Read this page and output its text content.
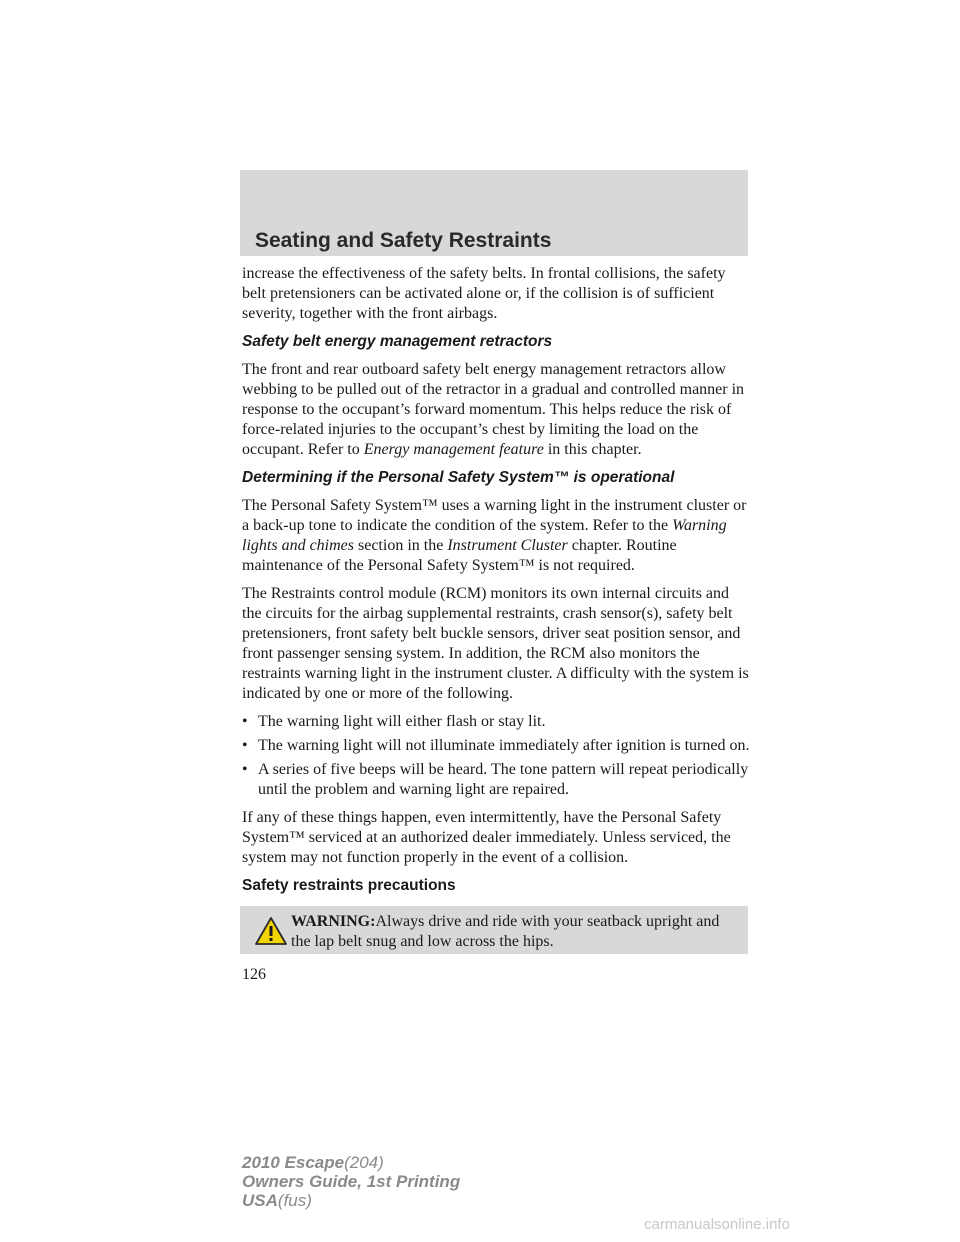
Seating and Safety Restraints

increase the effectiveness of the safety belts. In frontal collisions, the safety belt pretensioners can be activated alone or, if the collision is of sufficient severity, together with the front airbags.

Safety belt energy management retractors

The front and rear outboard safety belt energy management retractors allow webbing to be pulled out of the retractor in a gradual and controlled manner in response to the occupant’s forward momentum. This helps reduce the risk of force-related injuries to the occupant’s chest by limiting the load on the occupant. Refer to Energy management feature in this chapter.

Determining if the Personal Safety System™ is operational

The Personal Safety System™ uses a warning light in the instrument cluster or a back-up tone to indicate the condition of the system. Refer to the Warning lights and chimes section in the Instrument Cluster chapter. Routine maintenance of the Personal Safety System™ is not required.

The Restraints control module (RCM) monitors its own internal circuits and the circuits for the airbag supplemental restraints, crash sensor(s), safety belt pretensioners, front safety belt buckle sensors, driver seat position sensor, and front passenger sensing system. In addition, the RCM also monitors the restraints warning light in the instrument cluster. A difficulty with the system is indicated by one or more of the following.

• The warning light will either flash or stay lit.
• The warning light will not illuminate immediately after ignition is turned on.
• A series of five beeps will be heard. The tone pattern will repeat periodically until the problem and warning light are repaired.

If any of these things happen, even intermittently, have the Personal Safety System™ serviced at an authorized dealer immediately. Unless serviced, the system may not function properly in the event of a collision.

Safety restraints precautions
WARNING:Always drive and ride with your seatback upright and the lap belt snug and low across the hips.
126
2010 Escape(204)
Owners Guide, 1st Printing
USA(fus)
carmanualsonline.info
